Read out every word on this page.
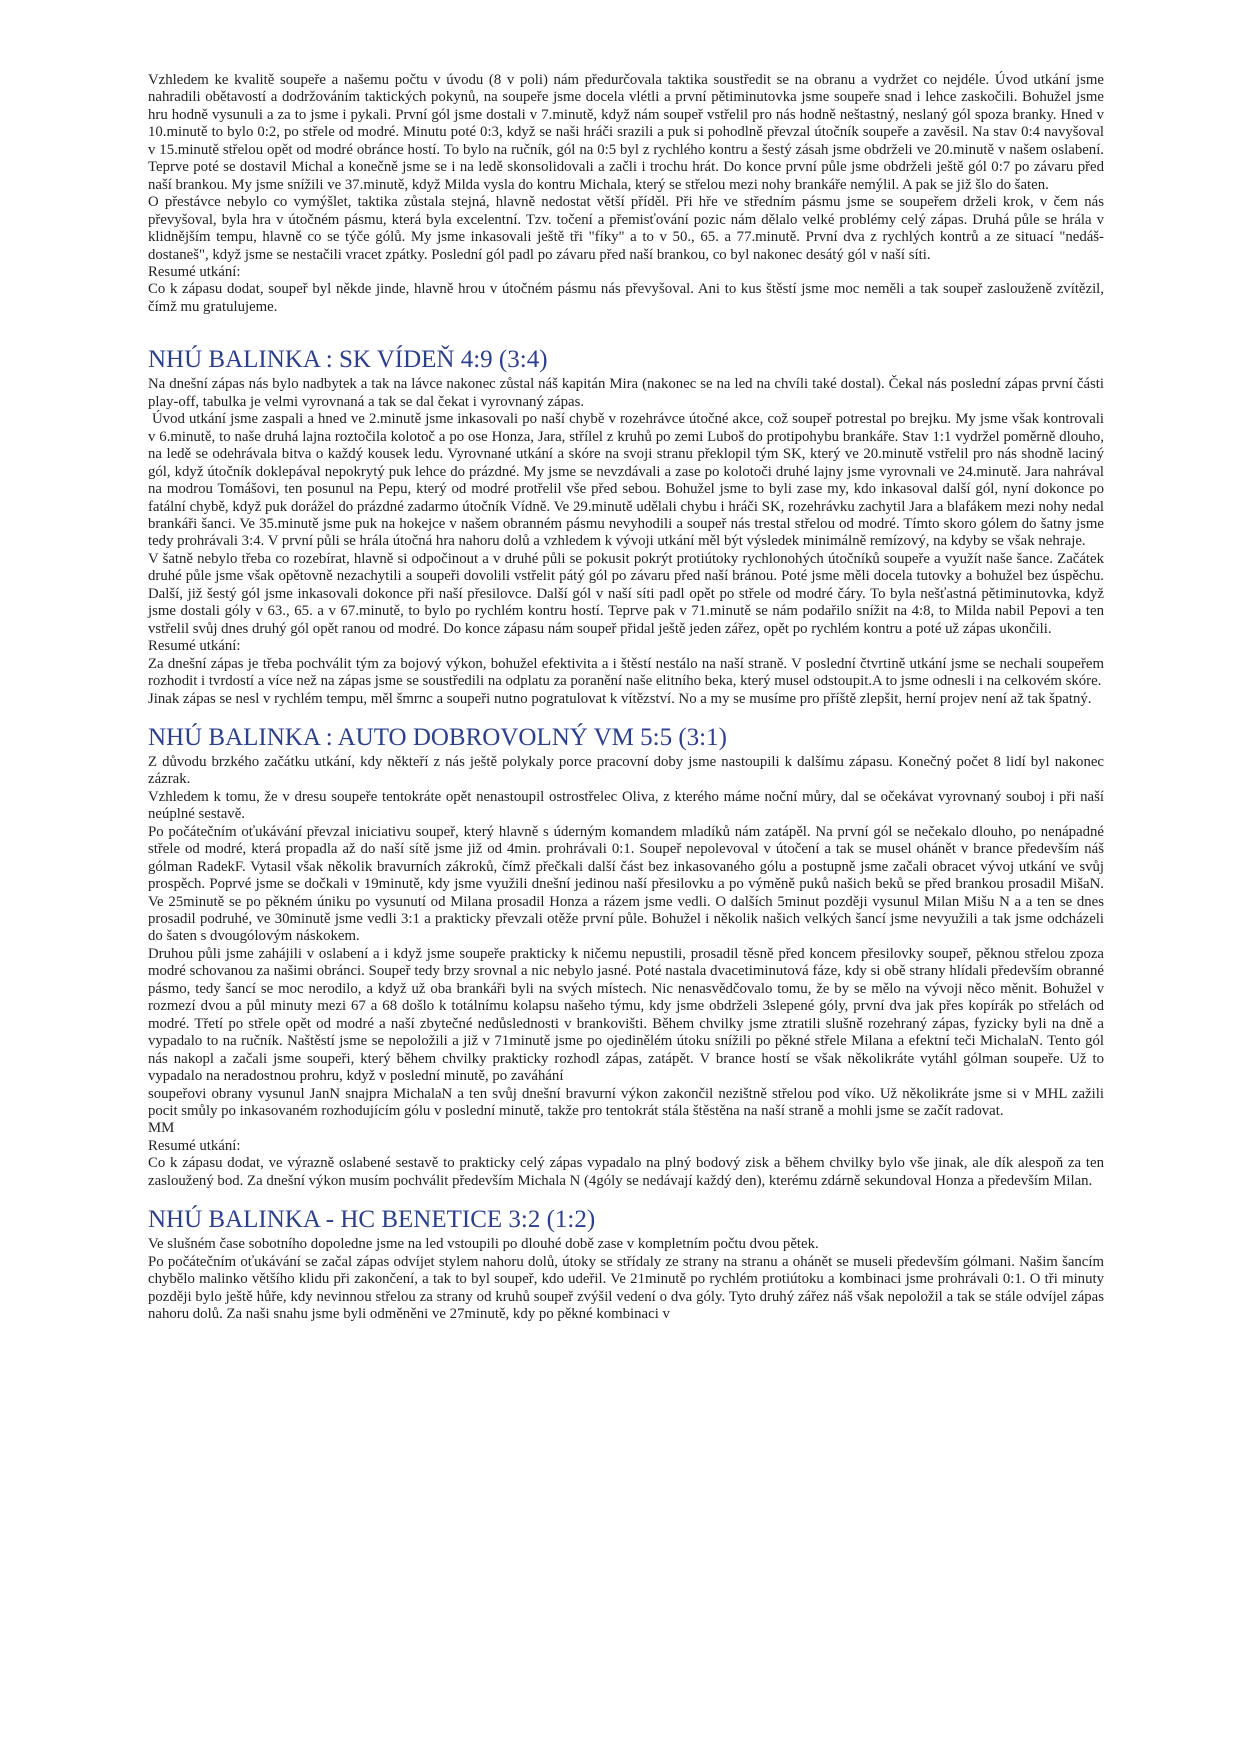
Vzhledem ke kvalitě soupeře a našemu počtu v úvodu (8 v poli) nám předurčovala taktika soustředit se na obranu a vydržet co nejdéle. Úvod utkání jsme nahradili obětavostí a dodržováním taktických pokynů, na soupeře jsme docela vlétli a první pětiminutovka jsme soupeře snad i lehce zaskočili. Bohužel jsme hru hodně vysunuli a za to jsme i pykali. První gól jsme dostali v 7.minutě, když nám soupeř vstřelil pro nás hodně neštastný, neslaný gól spoza branky. Hned v 10.minutě to bylo 0:2, po střele od modré. Minutu poté 0:3, když se naši hráči srazili a puk si pohodlně převzal útočník soupeře a zavěsil. Na stav 0:4 navyšoval v 15.minutě střelou opět od modré obránce hostí. To bylo na ručník, gól na 0:5 byl z rychlého kontru a šestý zásah jsme obdrželi ve 20.minutě v našem oslabení. Teprve poté se dostavil Michal a konečně jsme se i na ledě skonsolidovali a začli i trochu hrát. Do konce první půle jsme obdrželi ještě gól 0:7 po závaru před naší brankou. My jsme snížili ve 37.minutě, když Milda vysla do kontru Michala, který se střelou mezi nohy brankáře nemýlil. A pak se již šlo do šaten.

O přestávce nebylo co vymýšlet, taktika zůstala stejná, hlavně nedostat větší příděl. Při hře ve středním pásmu jsme se soupeřem drželi krok, v čem nás převyšoval, byla hra v útočném pásmu, která byla excelentní. Tzv. točení a přemisťování pozic nám dělalo velké problémy celý zápas. Druhá půle se hrála v klidnějším tempu, hlavně co se týče gólů. My jsme inkasovali ještě tři "fíky" a to v 50., 65. a 77.minutě. První dva z rychlých kontrů a ze situací "nedáš-dostaneš", když jsme se nestačili vracet zpátky. Poslední gól padl po závaru před naší brankou, co byl nakonec desátý gól v naší síti.

Resumé utkání:

Co k zápasu dodat, soupeř byl někde jinde, hlavně hrou v útočném pásmu nás převyšoval. Ani to kus štěstí jsme moc neměli a tak soupeř zaslouženě zvítězil, čímž mu gratulujeme.

NHÚ BALINKA : SK VÍDEŇ 4:9 (3:4)

Na dnešní zápas nás bylo nadbytek a tak na lávce nakonec zůstal náš kapitán Mira (nakonec se na led na chvíli také dostal). Čekal nás poslední zápas první části play-off, tabulka je velmi vyrovnaná a tak se dal čekat i vyrovnaný zápas.

Úvod utkání jsme zaspali a hned ve 2.minutě jsme inkasovali po naší chybě v rozehrávce útočné akce, což soupeř potrestal po brejku. My jsme však kontrovali v 6.minutě, to naše druhá lajna roztočila kolotoč a po ose Honza, Jara, střílel z kruhů po zemi Luboš do protipohybu brankáře. Stav 1:1 vydržel poměrně dlouho, na ledě se odehrávala bitva o každý kousek ledu. Vyrovnané utkání a skóre na svoji stranu překlopil tým SK, který ve 20.minutě vstřelil pro nás shodně laciný gól, když útočník doklepával nepokrytý puk lehce do prázdné. My jsme se nevzdávali a zase po kolotoči druhé lajny jsme vyrovnali ve 24.minutě. Jara nahrával na modrou Tomášovi, ten posunul na Pepu, který od modré protřelil vše před sebou. Bohužel jsme to byli zase my, kdo inkasoval další gól, nyní dokonce po fatální chybě, když puk dorážel do prázdné zadarmo útočník Vídně. Ve 29.minutě udělali chybu i hráči SK, rozehrávku zachytil Jara a blafákem mezi nohy nedal brankáři šanci. Ve 35.minutě jsme puk na hokejce v našem obranném pásmu nevyhodili a soupeř nás trestal střelou od modré. Tímto skoro gólem do šatny jsme tedy prohrávali 3:4. V první půli se hrála útočná hra nahoru dolů a vzhledem k vývoji utkání měl být výsledek minimálně remízový, na kdyby se však nehraje.

V šatně nebylo třeba co rozebírat, hlavně si odpočinout a v druhé půli se pokusit pokrýt protiútoky rychlonohých útočníků soupeře a využít naše šance. Začátek druhé půle jsme však opětovně nezachytili a soupeři dovolili vstřelit pátý gól po závaru před naší bránou. Poté jsme měli docela tutovky a bohužel bez úspěchu. Další, již šestý gól jsme inkasovali dokonce při naší přesilovce. Další gól v naší síti padl opět po střele od modré čáry. To byla nešťastná pětiminutovka, když jsme dostali góly v 63., 65. a v 67.minutě, to bylo po rychlém kontru hostí. Teprve pak v 71.minutě se nám podařilo snížit na 4:8, to Milda nabil Pepovi a ten vstřelil svůj dnes druhý gól opět ranou od modré. Do konce zápasu nám soupeř přidal ještě jeden zářez, opět po rychlém kontru a poté už zápas ukončili.

Resumé utkání:

Za dnešní zápas je třeba pochválit tým za bojový výkon, bohužel efektivita a i štěstí nestálo na naší straně. V poslední čtvrtině utkání jsme se nechali soupeřem rozhodit i tvrdostí a více než na zápas jsme se soustředili na odplatu za poranění naše elitního beka, který musel odstoupit.A to jsme odnesli i na celkovém skóre.

Jinak zápas se nesl v rychlém tempu, měl šmrnc a soupeři nutno pogratulovat k vítězství. No a my se musíme pro příště zlepšit, herní projev není až tak špatný.

NHÚ BALINKA : AUTO DOBROVOLNÝ VM 5:5 (3:1)

Z důvodu brzkého začátku utkání, kdy někteří z nás ještě polykaly porce pracovní doby jsme nastoupili k dalšímu zápasu. Konečný počet 8 lidí byl nakonec zázrak.

Vzhledem k tomu, že v dresu soupeře tentokráte opět nenastoupil ostrostřelec Oliva, z kterého máme noční můry, dal se očekávat vyrovnaný souboj i při naší neúplné sestavě.

Po počátečním oťukávání převzal iniciativu soupeř, který hlavně s úderným komandem mladíků nám zatápěl. Na první gól se nečekalo dlouho, po nenápadné střele od modré, která propadla až do naší sítě jsme již od 4min. prohrávali 0:1. Soupeř nepolevoval v útočení a tak se musel ohánět v brance především náš gólman RadekF. Vytasil však několik bravurních zákroků, čímž přečkali další část bez inkasovaného gólu a postupně jsme začali obracet vývoj utkání ve svůj prospěch. Poprvé jsme se dočkali v 19minutě, kdy jsme využili dnešní jedinou naší přesilovku a po výměně puků našich beků se před brankou prosadil MišaN. Ve 25minutě se po pěkném úniku po vysunutí od Milana prosadil Honza a rázem jsme vedli. O dalších 5minut později vysunul Milan Mišu N a a ten se dnes prosadil podruhé, ve 30minutě jsme vedli 3:1 a prakticky převzali otěže první půle. Bohužel i několik našich velkých šancí jsme nevyužili a tak jsme odcházeli do šaten s dvougólovým náskokem.

Druhou půli jsme zahájili v oslabení a i když jsme soupeře prakticky k ničemu nepustili, prosadil těsně před koncem přesilovky soupeř, pěknou střelou zpoza modré schovanou za našimi obránci. Soupeř tedy brzy srovnal a nic nebylo jasné. Poté nastala dvacetiminutová fáze, kdy si obě strany hlídali především obranné pásmo, tedy šancí se moc nerodilo, a když už oba brankáři byli na svých místech. Nic nenasvědčovalo tomu, že by se mělo na vývoji něco měnit. Bohužel v rozmezí dvou a půl minuty mezi 67 a 68 došlo k totálnímu kolapsu našeho týmu, kdy jsme obdrželi 3slepené góly, první dva jak přes kopírák po střelách od modré. Třetí po střele opět od modré a naší zbytečné nedůslednosti v brankovišti. Během chvilky jsme ztratili slušně rozehraný zápas, fyzicky byli na dně a vypadalo to na ručník. Naštěstí jsme se nepoložili a již v 71minutě jsme po ojedinělém útoku snížili po pěkné střele Milana a efektní teči MichalaN. Tento gól nás nakopl a začali jsme soupeři, který během chvilky prakticky rozhodl zápas, zatápět. V brance hostí se však několikráte vytáhl gólman soupeře. Už to vypadalo na neradostnou prohru, když v poslední minutě, po zaváhání

soupeřovi obrany vysunul JanN snajpra MichalaN a ten svůj dnešní bravurní výkon zakončil nezištně střelou pod víko. Už několikráte jsme si v MHL zažili pocit smůly po inkasovaném rozhodujícím gólu v poslední minutě, takže pro tentokrát stála štěstěna na naší straně a mohli jsme se začít radovat.

MM

Resumé utkání:

Co k zápasu dodat, ve výrazně oslabené sestavě to prakticky celý zápas vypadalo na plný bodový zisk a během chvilky bylo vše jinak, ale dík alespoň za ten zasloužený bod. Za dnešní výkon musím pochválit především Michala N (4góly se nedávají každý den), kterému zdárně sekundoval Honza a především Milan.

NHÚ BALINKA - HC BENETICE 3:2 (1:2)

Ve slušném čase sobotního dopoledne jsme na led vstoupili po dlouhé době zase v kompletním počtu dvou pětek.

Po počátečním oťukávání se začal zápas odvíjet stylem nahoru dolů, útoky se střídaly ze strany na stranu a ohánět se museli především gólmani. Našim šancím chybělo malinko většího klidu při zakončení, a tak to byl soupeř, kdo udeřil. Ve 21minutě po rychlém protiútoku a kombinaci jsme prohrávali 0:1. O tři minuty později bylo ještě hůře, kdy nevinnou střelou za strany od kruhů soupeř zvýšil vedení o dva góly. Tyto druhý zářez náš však nepoložil a tak se stále odvíjel zápas nahoru dolů. Za naši snahu jsme byli odměněni ve 27minutě, kdy po pěkné kombinaci v
